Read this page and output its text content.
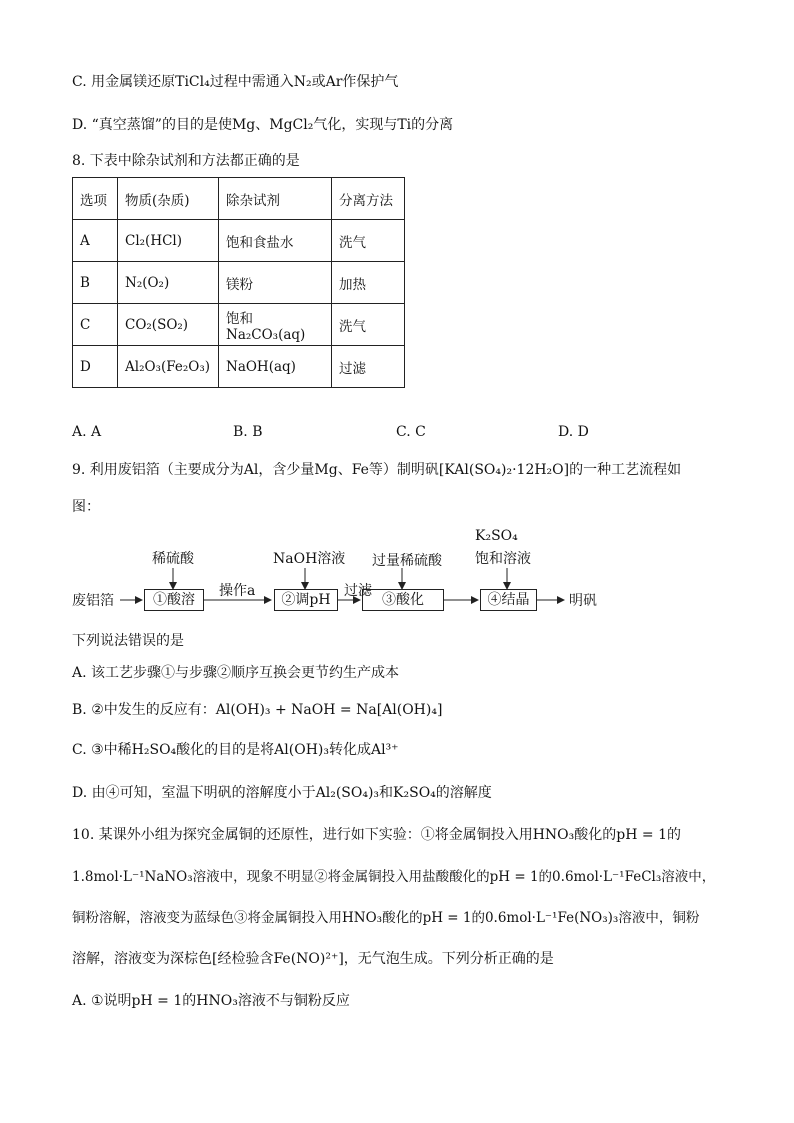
C. 用金属镁还原TiCl₄过程中需通入N₂或Ar作保护气
D. “真空蒸馏”的目的是使Mg、MgCl₂气化，实现与Ti的分离
8. 下表中除杂试剂和方法都正确的是
选项	物质(杂质)	除杂试剂	分离方法
A	Cl₂(HCl)	饱和食盐水	洗气
B	N₂(O₂)	镁粉	加热
C	CO₂(SO₂)	饱和Na₂CO₃(aq)	洗气
D	Al₂O₃(Fe₂O₃)	NaOH(aq)	过滤
A. A	B. B	C. C	D. D
9. 利用废铝箔（主要成分为Al，含少量Mg、Fe等）制明矾[KAl(SO₄)₂·12H₂O]的一种工艺流程如
图：
废铝箔	①酸溶	②调pH	③酸化	④结晶	明矾
稀硫酸	NaOH溶液 过量稀硫酸
K₂SO₄
饱和溶液
操作a	过滤
下列说法错误的是
A. 该工艺步骤①与步骤②顺序互换会更节约生产成本
B. ②中发生的反应有：Al(OH)₃ + NaOH = Na[Al(OH)₄]
C. ③中稀H₂SO₄酸化的目的是将Al(OH)₃转化成Al³⁺
D. 由④可知，室温下明矾的溶解度小于Al₂(SO₄)₃和K₂SO₄的溶解度
10. 某课外小组为探究金属铜的还原性，进行如下实验：①将金属铜投入用HNO₃酸化的pH = 1的
1.8mol·L⁻¹NaNO₃溶液中，现象不明显②将金属铜投入用盐酸酸化的pH = 1的0.6mol·L⁻¹FeCl₃溶液中，
铜粉溶解，溶液变为蓝绿色③将金属铜投入用HNO₃酸化的pH = 1的0.6mol·L⁻¹Fe(NO₃)₃溶液中，铜粉
溶解，溶液变为深棕色[经检验含Fe(NO)²⁺]，无气泡生成。下列分析正确的是
A. ①说明pH = 1的HNO₃溶液不与铜粉反应
